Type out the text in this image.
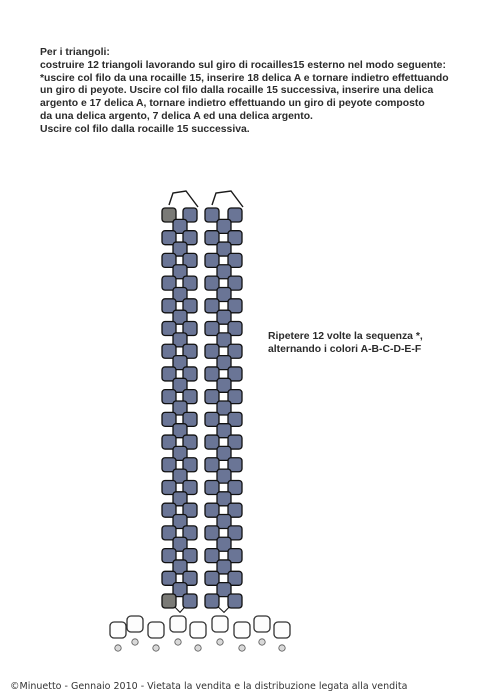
Per i triangoli:
costruire 12 triangoli lavorando sul giro di rocailles15 esterno nel modo seguente:
*uscire col filo da una rocaille 15, inserire 18 delica A e tornare indietro effettuando
un giro di peyote. Uscire col filo dalla rocaille 15 successiva, inserire una delica
argento e 17 delica A, tornare indietro effettuando un giro di peyote composto
da una delica argento, 7 delica A ed una delica argento.
Uscire col filo dalla rocaille 15 successiva.
Ripetere 12 volte la sequenza *,
alternando i colori A-B-C-D-E-F
©Minuetto - Gennaio 2010 - Vietata la vendita e la distribuzione legata alla vendita
